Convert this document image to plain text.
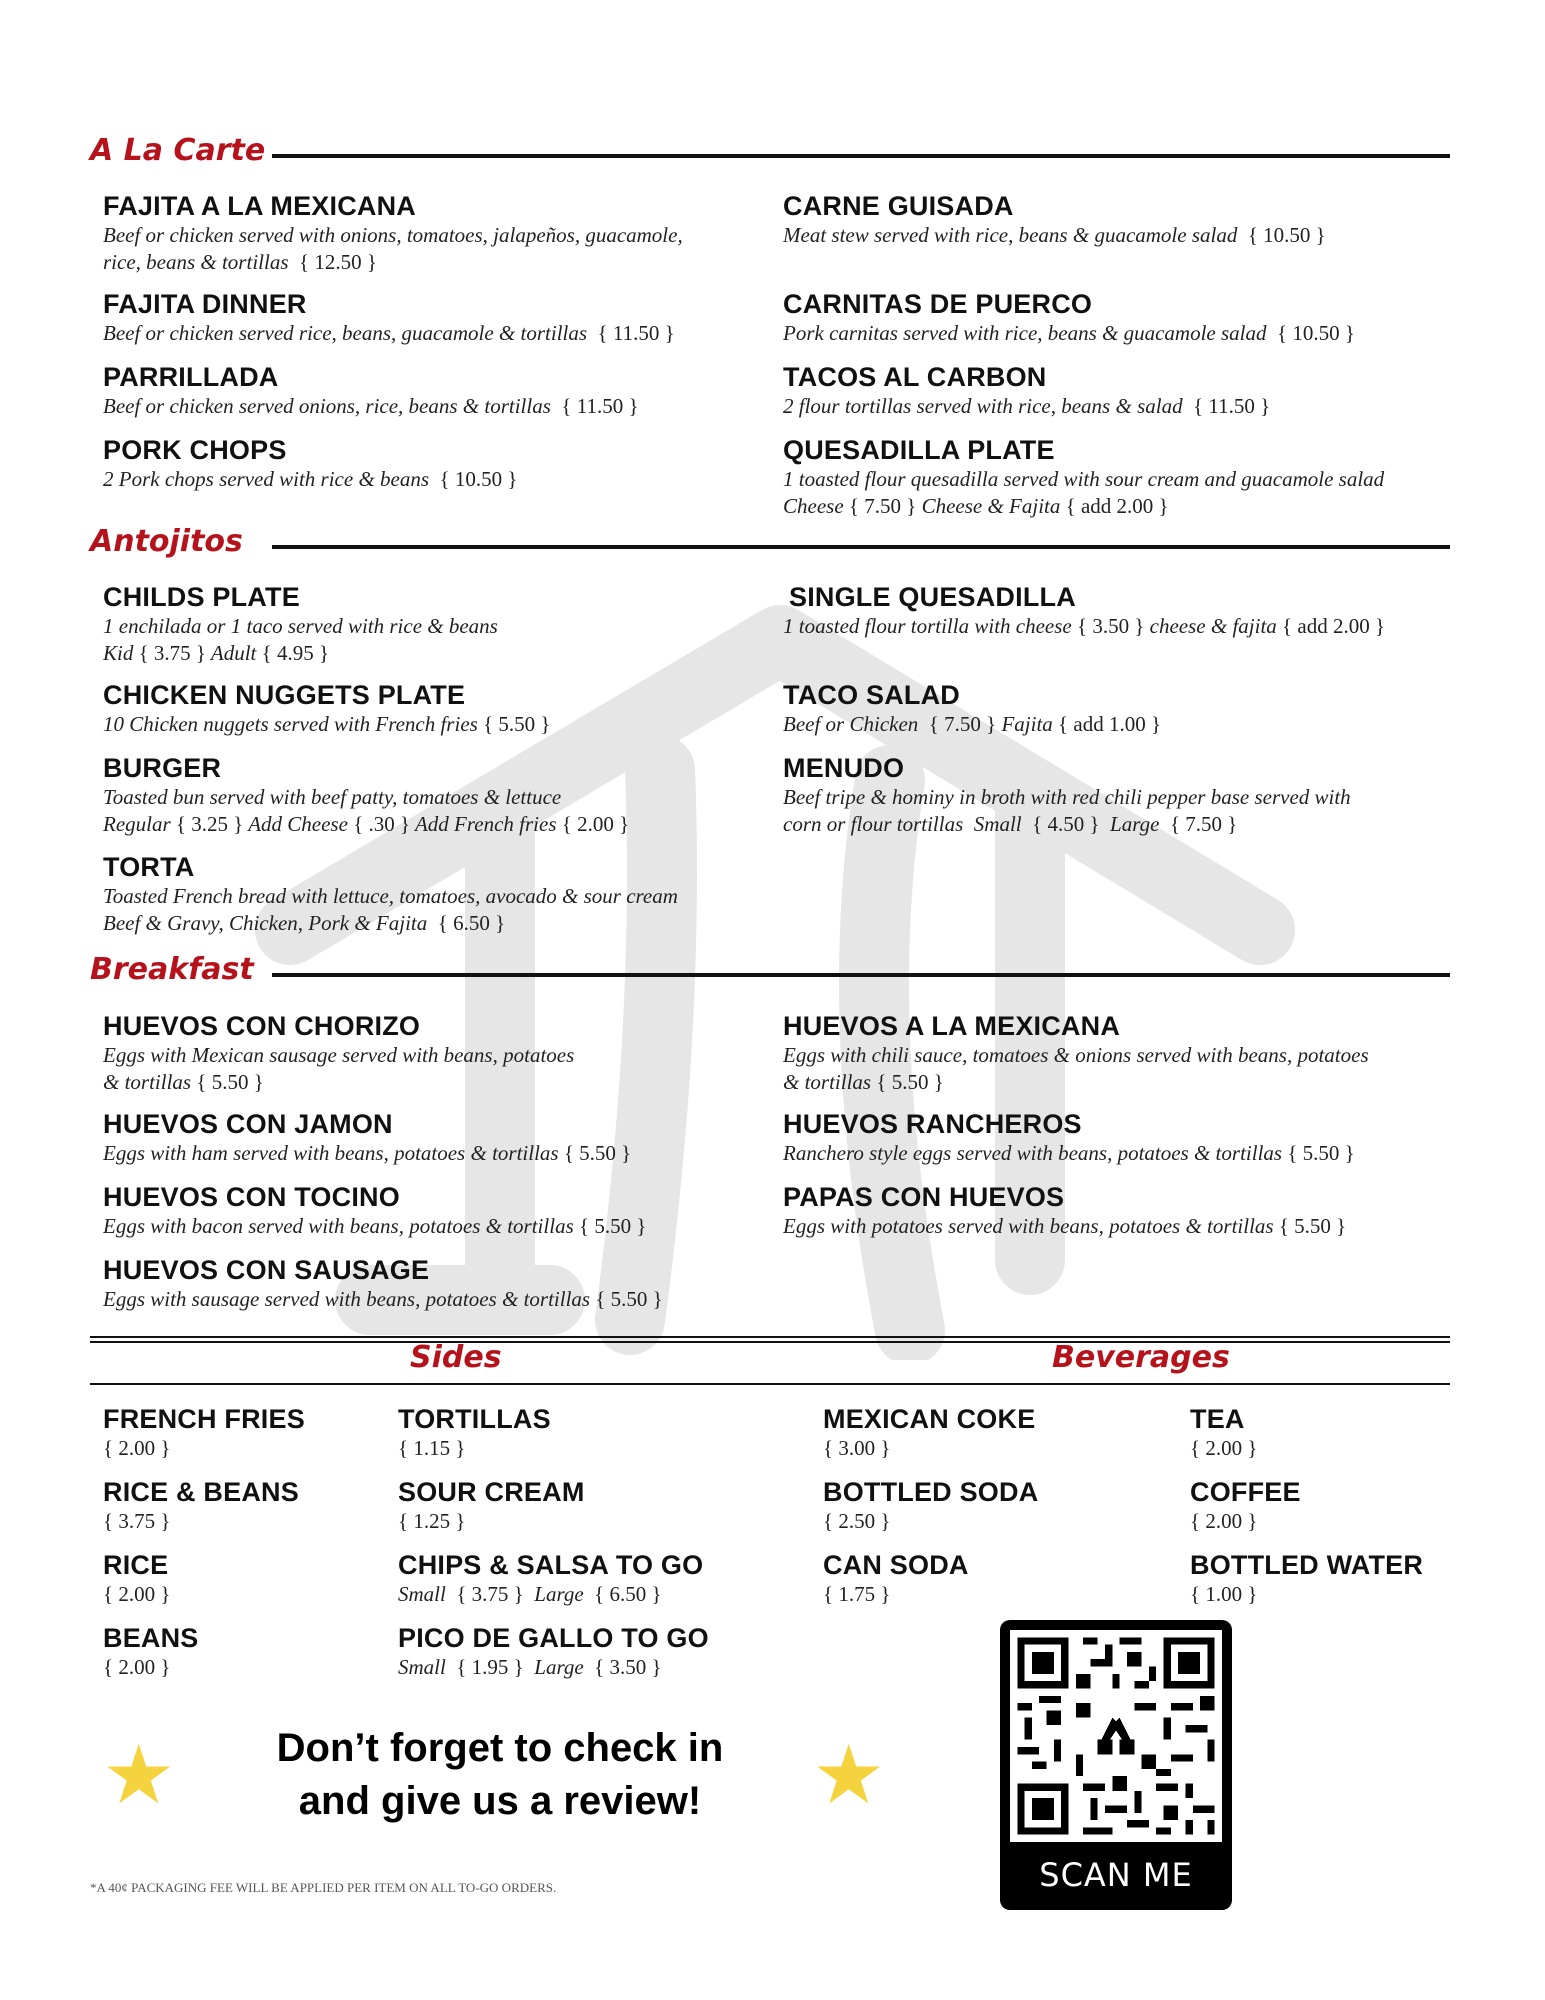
A La Carte
FAJITA A LA MEXICANA
Beef or chicken served with onions, tomatoes, jalapeños, guacamole,
rice, beans & tortillas { 12.50 }
FAJITA DINNER
Beef or chicken served rice, beans, guacamole & tortillas { 11.50 }
PARRILLADA
Beef or chicken served onions, rice, beans & tortillas { 11.50 }
PORK CHOPS
2 Pork chops served with rice & beans { 10.50 }
CARNE GUISADA
Meat stew served with rice, beans & guacamole salad { 10.50 }
CARNITAS DE PUERCO
Pork carnitas served with rice, beans & guacamole salad { 10.50 }
TACOS AL CARBON
2 flour tortillas served with rice, beans & salad { 11.50 }
QUESADILLA PLATE
1 toasted flour quesadilla served with sour cream and guacamole salad
Cheese { 7.50 } Cheese & Fajita { add 2.00 }
Antojitos
CHILDS PLATE
1 enchilada or 1 taco served with rice & beans
Kid { 3.75 } Adult { 4.95 }
CHICKEN NUGGETS PLATE
10 Chicken nuggets served with French fries { 5.50 }
BURGER
Toasted bun served with beef patty, tomatoes & lettuce
Regular { 3.25 } Add Cheese { .30 } Add French fries { 2.00 }
TORTA
Toasted French bread with lettuce, tomatoes, avocado & sour cream
Beef & Gravy, Chicken, Pork & Fajita { 6.50 }
SINGLE QUESADILLA
1 toasted flour tortilla with cheese { 3.50 } cheese & fajita { add 2.00 }
TACO SALAD
Beef or Chicken { 7.50 } Fajita { add 1.00 }
MENUDO
Beef tripe & hominy in broth with red chili pepper base served with
corn or flour tortillas Small { 4.50 } Large { 7.50 }
Breakfast
HUEVOS CON CHORIZO
Eggs with Mexican sausage served with beans, potatoes
& tortillas { 5.50 }
HUEVOS CON JAMON
Eggs with ham served with beans, potatoes & tortillas { 5.50 }
HUEVOS CON TOCINO
Eggs with bacon served with beans, potatoes & tortillas { 5.50 }
HUEVOS CON SAUSAGE
Eggs with sausage served with beans, potatoes & tortillas { 5.50 }
HUEVOS A LA MEXICANA
Eggs with chili sauce, tomatoes & onions served with beans, potatoes
& tortillas { 5.50 }
HUEVOS RANCHEROS
Ranchero style eggs served with beans, potatoes & tortillas { 5.50 }
PAPAS CON HUEVOS
Eggs with potatoes served with beans, potatoes & tortillas { 5.50 }
Sides	Beverages
FRENCH FRIES
{ 2.00 }
RICE & BEANS
{ 3.75 }
RICE
{ 2.00 }
BEANS
{ 2.00 }
TORTILLAS
{ 1.15 }
SOUR CREAM
{ 1.25 }
CHIPS & SALSA TO GO
Small { 3.75 } Large { 6.50 }
PICO DE GALLO TO GO
Small { 1.95 } Large { 3.50 }
MEXICAN COKE
{ 3.00 }
BOTTLED SODA
{ 2.50 }
CAN SODA
{ 1.75 }
TEA
{ 2.00 }
COFFEE
{ 2.00 }
BOTTLED WATER
{ 1.00 }
★	Don’t forget to check in
and give us a review!	★
*A 40¢ PACKAGING FEE WILL BE APPLIED PER ITEM ON ALL TO-GO ORDERS.	SCAN ME
